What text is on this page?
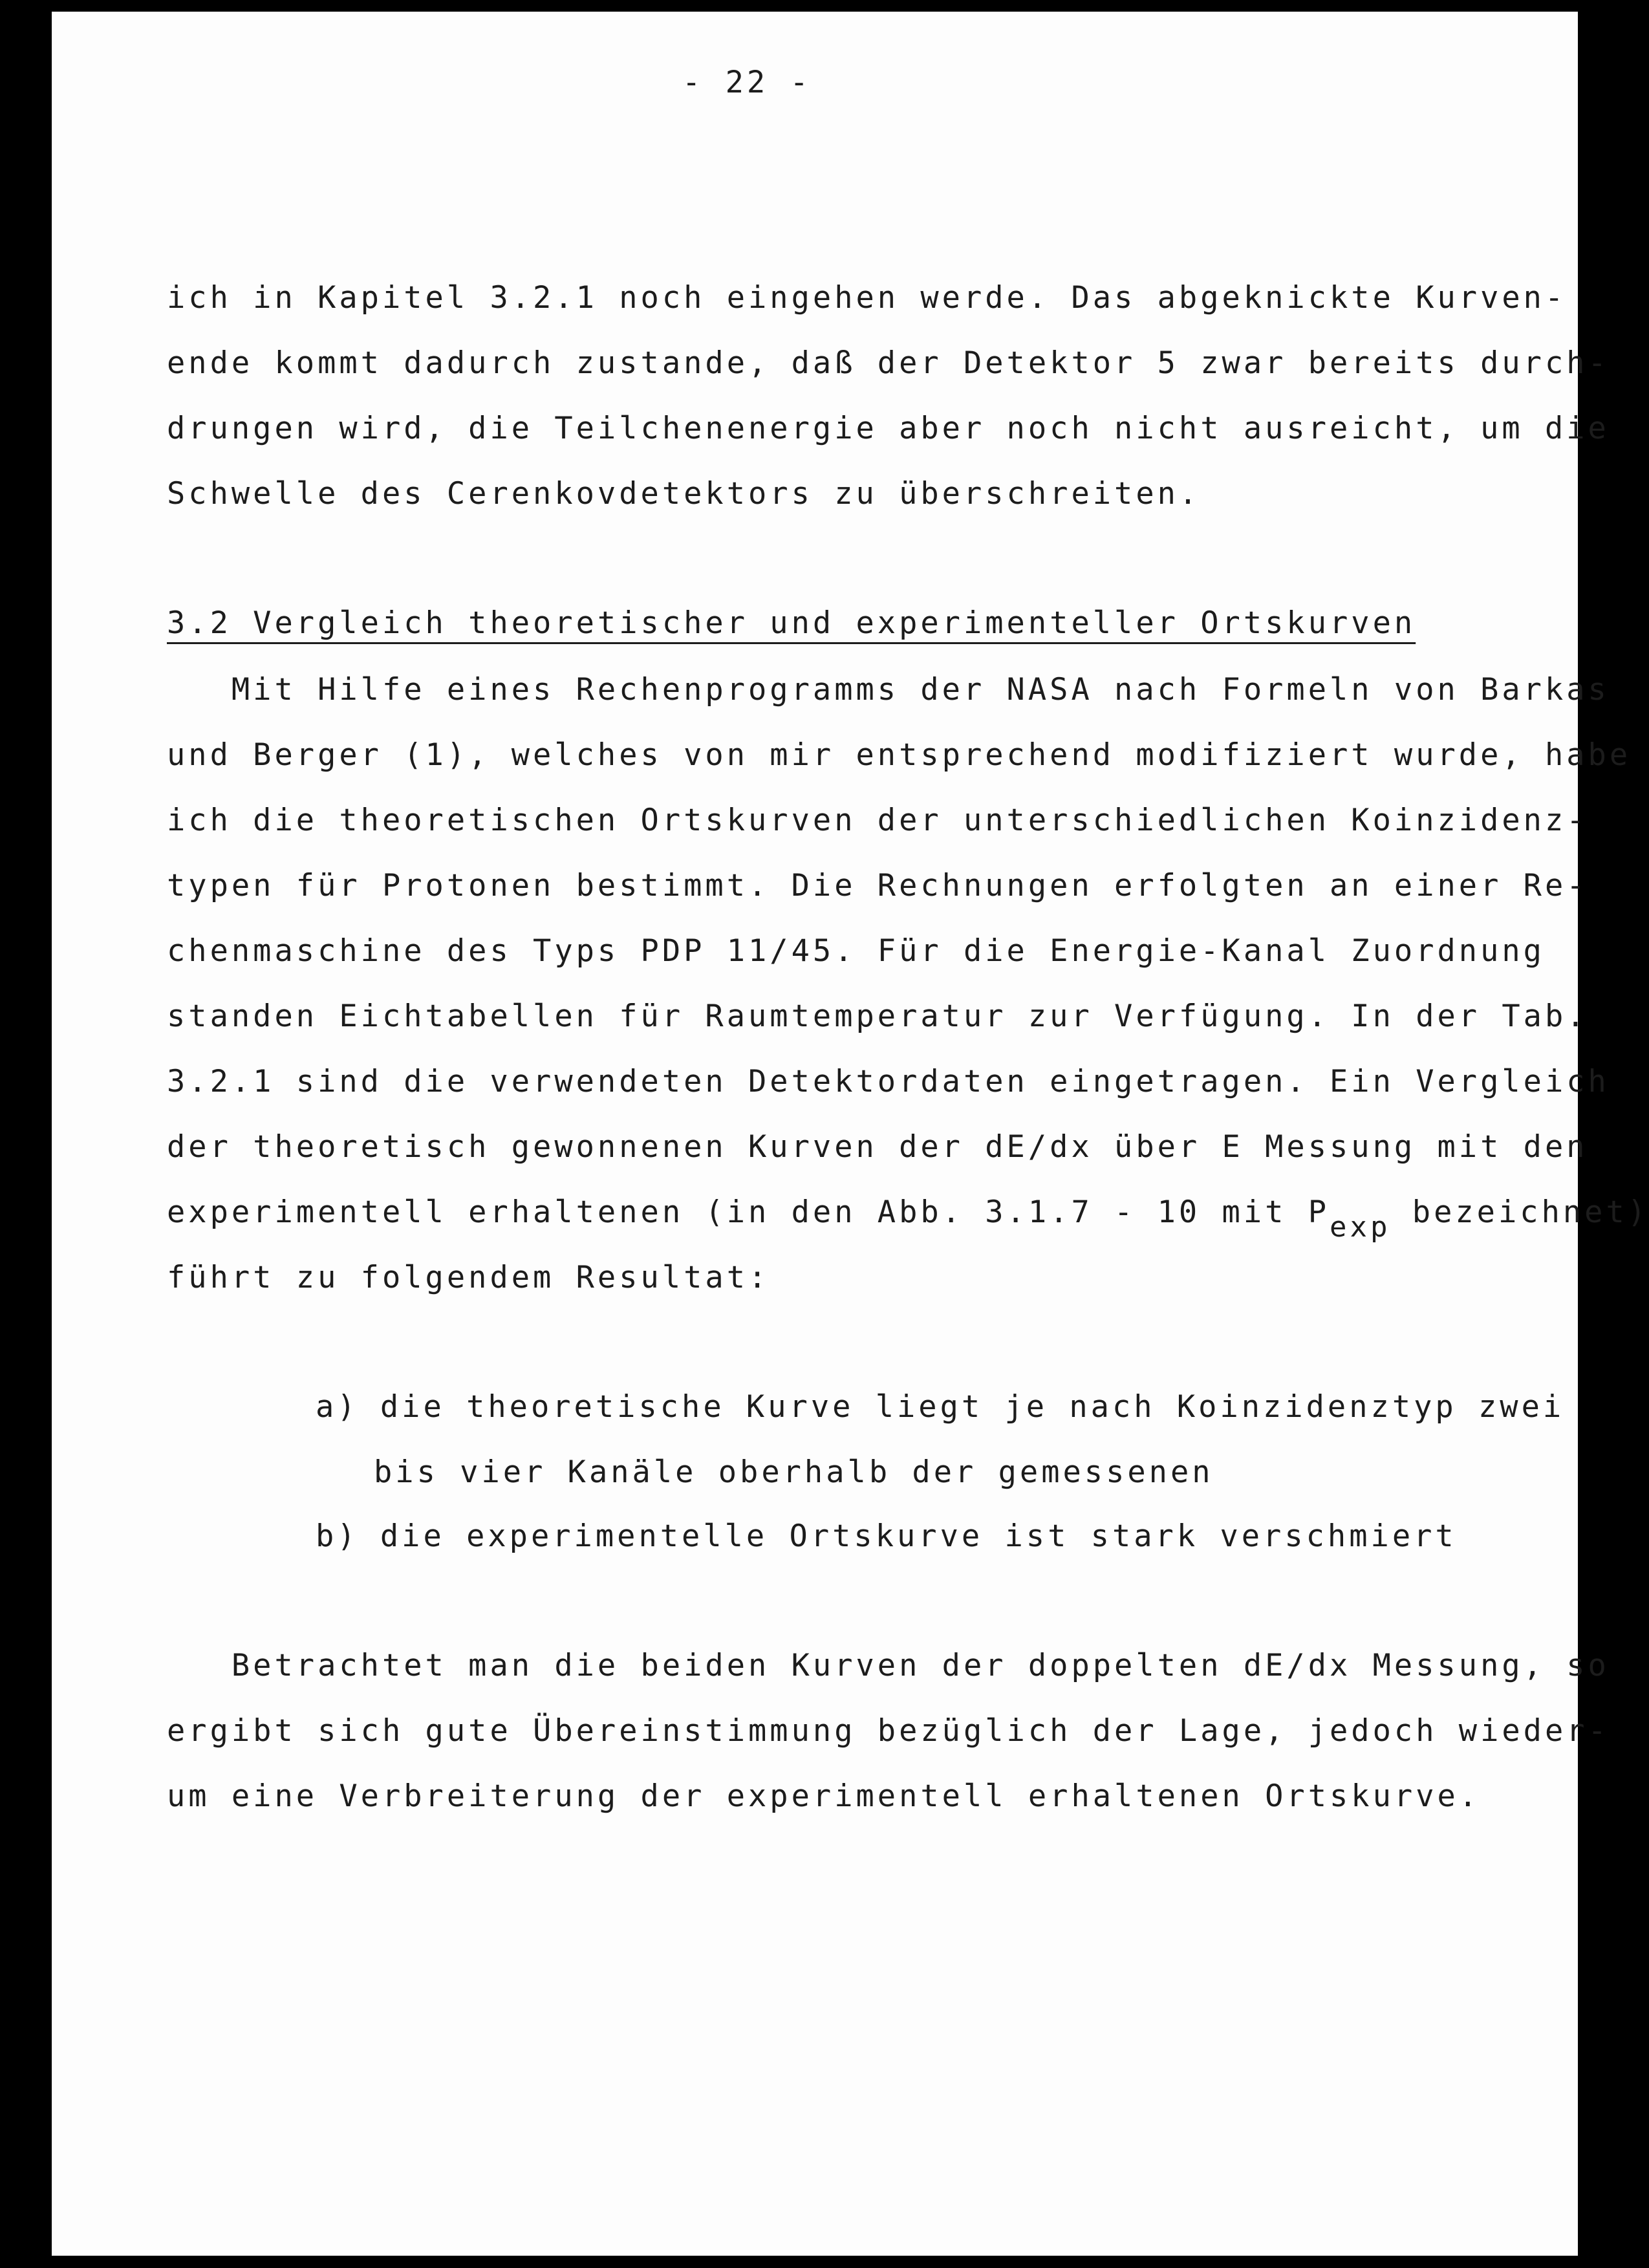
- 22 -
ich in Kapitel 3.2.1 noch eingehen werde. Das abgeknickte Kurven-
ende kommt dadurch zustande, daß der Detektor 5 zwar bereits durch-
drungen wird, die Teilchenenergie aber noch nicht ausreicht, um die
Schwelle des Cerenkovdetektors zu überschreiten.
3.2 Vergleich theoretischer und experimenteller Ortskurven
Mit Hilfe eines Rechenprogramms der NASA nach Formeln von Barkas
und Berger (1), welches von mir entsprechend modifiziert wurde, habe
ich die theoretischen Ortskurven der unterschiedlichen Koinzidenz-
typen für Protonen bestimmt. Die Rechnungen erfolgten an einer Re-
chenmaschine des Typs PDP 11/45. Für die Energie-Kanal Zuordnung
standen Eichtabellen für Raumtemperatur zur Verfügung. In der Tab.
3.2.1 sind die verwendeten Detektordaten eingetragen. Ein Vergleich
der theoretisch gewonnenen Kurven der dE/dx über E Messung mit den
experimentell erhaltenen (in den Abb. 3.1.7 - 10 mit Pexp bezeichnet)
führt zu folgendem Resultat:
a) die theoretische Kurve liegt je nach Koinzidenztyp zwei
bis vier Kanäle oberhalb der gemessenen
b) die experimentelle Ortskurve ist stark verschmiert
Betrachtet man die beiden Kurven der doppelten dE/dx Messung, so
ergibt sich gute Übereinstimmung bezüglich der Lage, jedoch wieder-
um eine Verbreiterung der experimentell erhaltenen Ortskurve.
